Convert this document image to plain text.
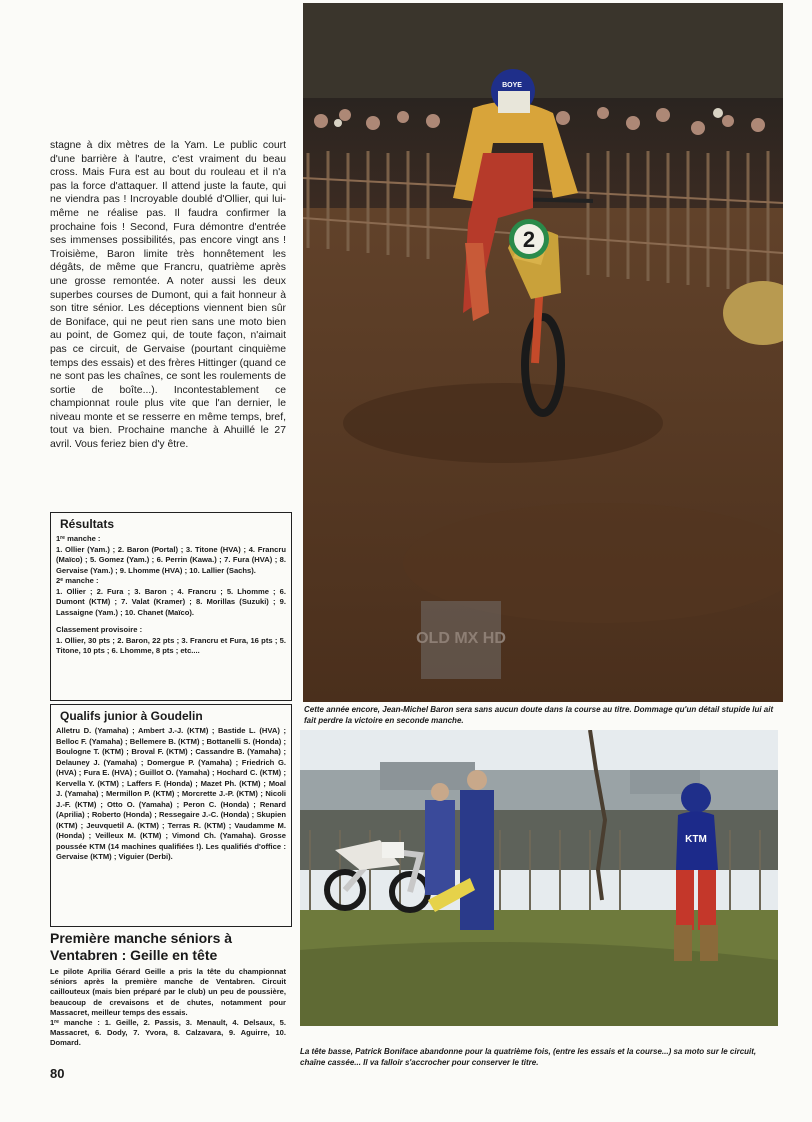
stagne à dix mètres de la Yam. Le public court d'une barrière à l'autre, c'est vraiment du beau cross. Mais Fura est au bout du rouleau et il n'a pas la force d'attaquer. Il attend juste la faute, qui ne viendra pas ! Incroyable doublé d'Ollier, qui lui-même ne réalise pas. Il faudra confirmer la prochaine fois ! Second, Fura démontre d'entrée ses immenses possibilités, pas encore vingt ans ! Troisième, Baron limite très honnêtement les dégâts, de même que Francru, quatrième après une grosse remontée. A noter aussi les deux superbes courses de Dumont, qui a fait honneur à son titre sénior. Les déceptions viennent bien sûr de Boniface, qui ne peut rien sans une moto bien au point, de Gomez qui, de toute façon, n'aimait pas ce circuit, de Gervaise (pourtant cinquième temps des essais) et des frères Hittinger (quand ce ne sont pas les chaînes, ce sont les roulements de sortie de boîte...). Incontestablement ce championnat roule plus vite que l'an dernier, le niveau monte et se resserre en même temps, bref, tout va bien. Prochaine manche à Ahuillé le 27 avril. Vous feriez bien d'y être.

Résultats

1ʳᵉ manche :

1. Ollier (Yam.) ; 2. Baron (Portal) ; 3. Titone (HVA) ; 4. Francru (Maïco) ; 5. Gomez (Yam.) ; 6. Perrin (Kawa.) ; 7. Fura (HVA) ; 8. Gervaise (Yam.) ; 9. Lhomme (HVA) ; 10. Lallier (Sachs).

2ᵉ manche :

1. Ollier ; 2. Fura ; 3. Baron ; 4. Francru ; 5. Lhomme ; 6. Dumont (KTM) ; 7. Valat (Kramer) ; 8. Morillas (Suzuki) ; 9. Lassaigne (Yam.) ; 10. Chanet (Maïco).

Classement provisoire :

1. Ollier, 30 pts ; 2. Baron, 22 pts ; 3. Francru et Fura, 16 pts ; 5. Titone, 10 pts ; 6. Lhomme, 8 pts ; etc....

Qualifs junior à Goudelin

Alletru D. (Yamaha) ; Ambert J.-J. (KTM) ; Bastide L. (HVA) ; Belloc F. (Yamaha) ; Bellemere B. (KTM) ; Bottanelli S. (Honda) ; Boulogne T. (KTM) ; Broval F. (KTM) ; Cassandre B. (Yamaha) ; Delauney J. (Yamaha) ; Domergue P. (Yamaha) ; Friedrich G. (HVA) ; Fura E. (HVA) ; Guillot O. (Yamaha) ; Hochard C. (KTM) ; Kervella Y. (KTM) ; Laffers F. (Honda) ; Mazet Ph. (KTM) ; Moal J. (Yamaha) ; Mermillon P. (KTM) ; Morcrette J.-P. (KTM) ; Nicoli J.-F. (KTM) ; Otto O. (Yamaha) ; Peron C. (Honda) ; Renard (Aprilia) ; Roberto (Honda) ; Ressegaire J.-C. (Honda) ; Skupien (KTM) ; Jeuvquetil A. (KTM) ; Terras R. (KTM) ; Vaudamme M. (Honda) ; Veilleux M. (KTM) ; Vimond Ch. (Yamaha). Grosse poussée KTM (14 machines qualifiées !). Les qualifiés d'office : Gervaise (KTM) ; Viguier (Derbi).

Première manche séniors à Ventabren : Geille en tête

Le pilote Aprilia Gérard Geille a pris la tête du championnat séniors après la première manche de Ventabren. Circuit caillouteux (mais bien préparé par le club) un peu de poussière, beaucoup de crevaisons et de chutes, notamment pour Massacret, meilleur temps des essais.

1ʳᵉ manche : 1. Geille, 2. Passis, 3. Menault, 4. Delsaux, 5. Massacret, 6. Dody, 7. Yvora, 8. Calzavara, 9. Aguirre, 10. Domard.

80
2
BOYE
OLD MX HD

Cette année encore, Jean-Michel Baron sera sans aucun doute dans la course au titre. Dommage qu'un détail stupide lui ait fait perdre la victoire en seconde manche.

KTM

La tête basse, Patrick Boniface abandonne pour la quatrième fois, (entre les essais et la course...) sa moto sur le circuit, chaîne cassée... Il va falloir s'accrocher pour conserver le titre.
